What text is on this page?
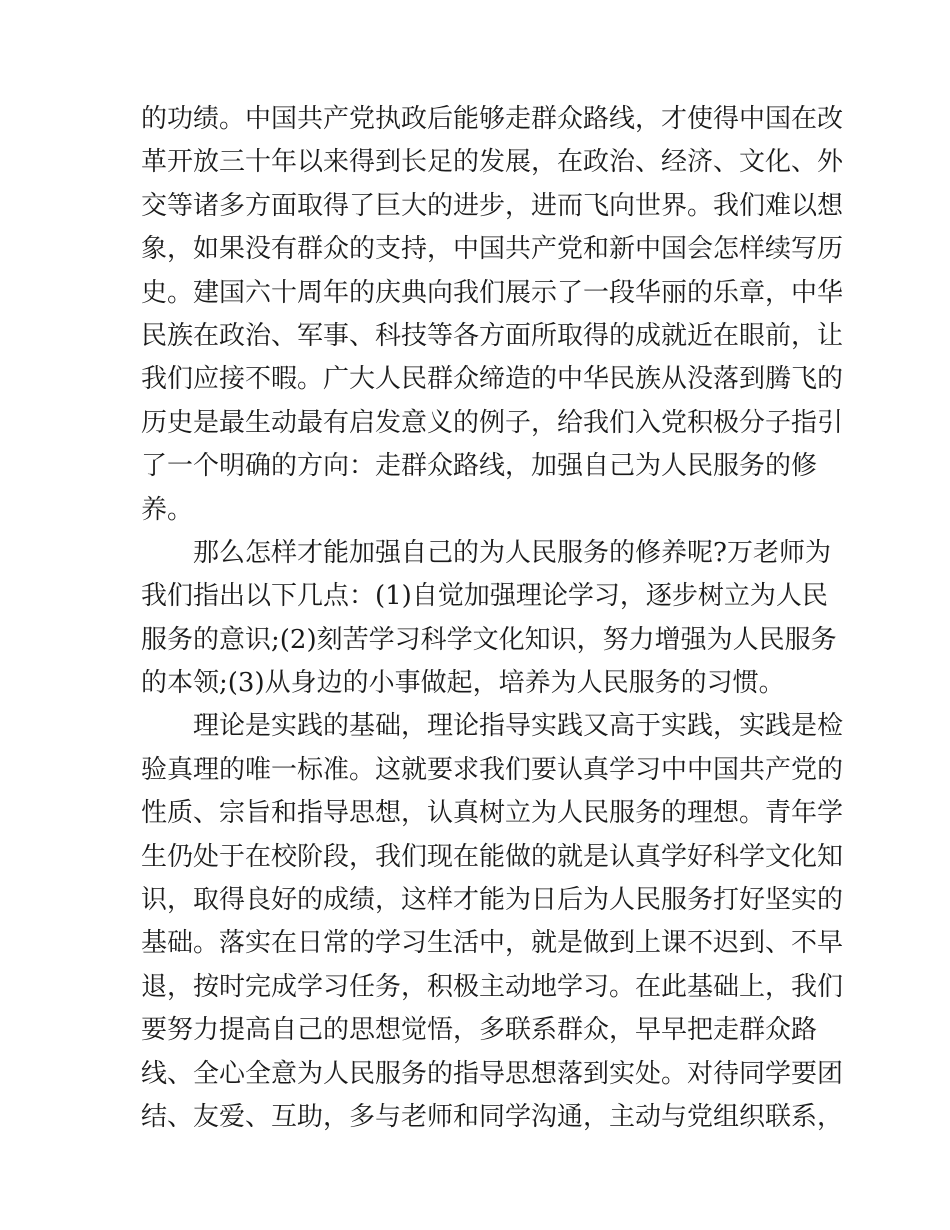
的功绩。中国共产党执政后能够走群众路线，才使得中国在改
革开放三十年以来得到长足的发展，在政治、经济、文化、外
交等诸多方面取得了巨大的进步，进而飞向世界。我们难以想
象，如果没有群众的支持，中国共产党和新中国会怎样续写历
史。建国六十周年的庆典向我们展示了一段华丽的乐章，中华
民族在政治、军事、科技等各方面所取得的成就近在眼前，让
我们应接不暇。广大人民群众缔造的中华民族从没落到腾飞的
历史是最生动最有启发意义的例子，给我们入党积极分子指引
了一个明确的方向：走群众路线，加强自己为人民服务的修
养。
那么怎样才能加强自己的为人民服务的修养呢?万老师为
我们指出以下几点：(1)自觉加强理论学习，逐步树立为人民
服务的意识;(2)刻苦学习科学文化知识，努力增强为人民服务
的本领;(3)从身边的小事做起，培养为人民服务的习惯。
理论是实践的基础，理论指导实践又高于实践，实践是检
验真理的唯一标准。这就要求我们要认真学习中中国共产党的
性质、宗旨和指导思想，认真树立为人民服务的理想。青年学
生仍处于在校阶段，我们现在能做的就是认真学好科学文化知
识，取得良好的成绩，这样才能为日后为人民服务打好坚实的
基础。落实在日常的学习生活中，就是做到上课不迟到、不早
退，按时完成学习任务，积极主动地学习。在此基础上，我们
要努力提高自己的思想觉悟，多联系群众，早早把走群众路
线、全心全意为人民服务的指导思想落到实处。对待同学要团
结、友爱、互助，多与老师和同学沟通，主动与党组织联系，
